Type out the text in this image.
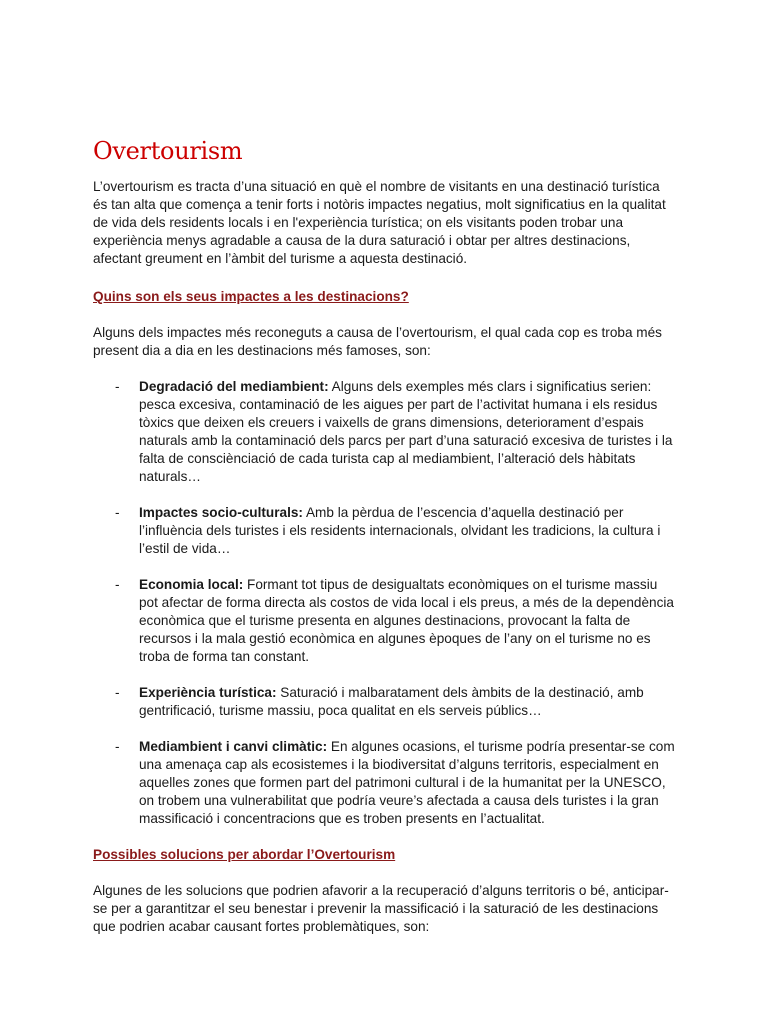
Overtourism

L’overtourism es tracta d’una situació en què el nombre de visitants en una destinació turística és tan alta que comença a tenir forts i notòris impactes negatius, molt significatius en la qualitat de vida dels residents locals i en l'experiència turística; on els visitants poden trobar una experiència menys agradable a causa de la dura saturació i obtar per altres destinacions, afectant greument en l’àmbit del turisme a aquesta destinació.

Quins son els seus impactes a les destinacions?

Alguns dels impactes més reconeguts a causa de l’overtourism, el qual cada cop es troba més present dia a dia en les destinacions més famoses, son:

- Degradació del mediambient: Alguns dels exemples més clars i significatius serien: pesca excesiva, contaminació de les aigues per part de l’activitat humana i els residus tòxics que deixen els creuers i vaixells de grans dimensions, deteriorament d’espais naturals amb la contaminació dels parcs per part d’una saturació excesiva de turistes i la falta de consciènciació de cada turista cap al mediambient, l’alteració dels hàbitats naturals…
- Impactes socio-culturals: Amb la pèrdua de l’escencia d’aquella destinació per l’influència dels turistes i els residents internacionals, olvidant les tradicions, la cultura i l’estil de vida…
- Economia local: Formant tot tipus de desigualtats econòmiques on el turisme massiu pot afectar de forma directa als costos de vida local i els preus, a més de la dependència econòmica que el turisme presenta en algunes destinacions, provocant la falta de recursos i la mala gestió econòmica en algunes èpoques de l’any on el turisme no es troba de forma tan constant.
- Experiència turística: Saturació i malbaratament dels àmbits de la destinació, amb gentrificació, turisme massiu, poca qualitat en els serveis públics…
- Mediambient i canvi climàtic: En algunes ocasions, el turisme podría presentar-se com una amenaça cap als ecosistemes i la biodiversitat d’alguns territoris, especialment en aquelles zones que formen part del patrimoni cultural i de la humanitat per la UNESCO, on trobem una vulnerabilitat que podría veure’s afectada a causa dels turistes i la gran massificació i concentracions que es troben presents en l’actualitat.

Possibles solucions per abordar l’Overtourism

Algunes de les solucions que podrien afavorir a la recuperació d’alguns territoris o bé, anticipar-se per a garantitzar el seu benestar i prevenir la massificació i la saturació de les destinacions que podrien acabar causant fortes problemàtiques, son:
